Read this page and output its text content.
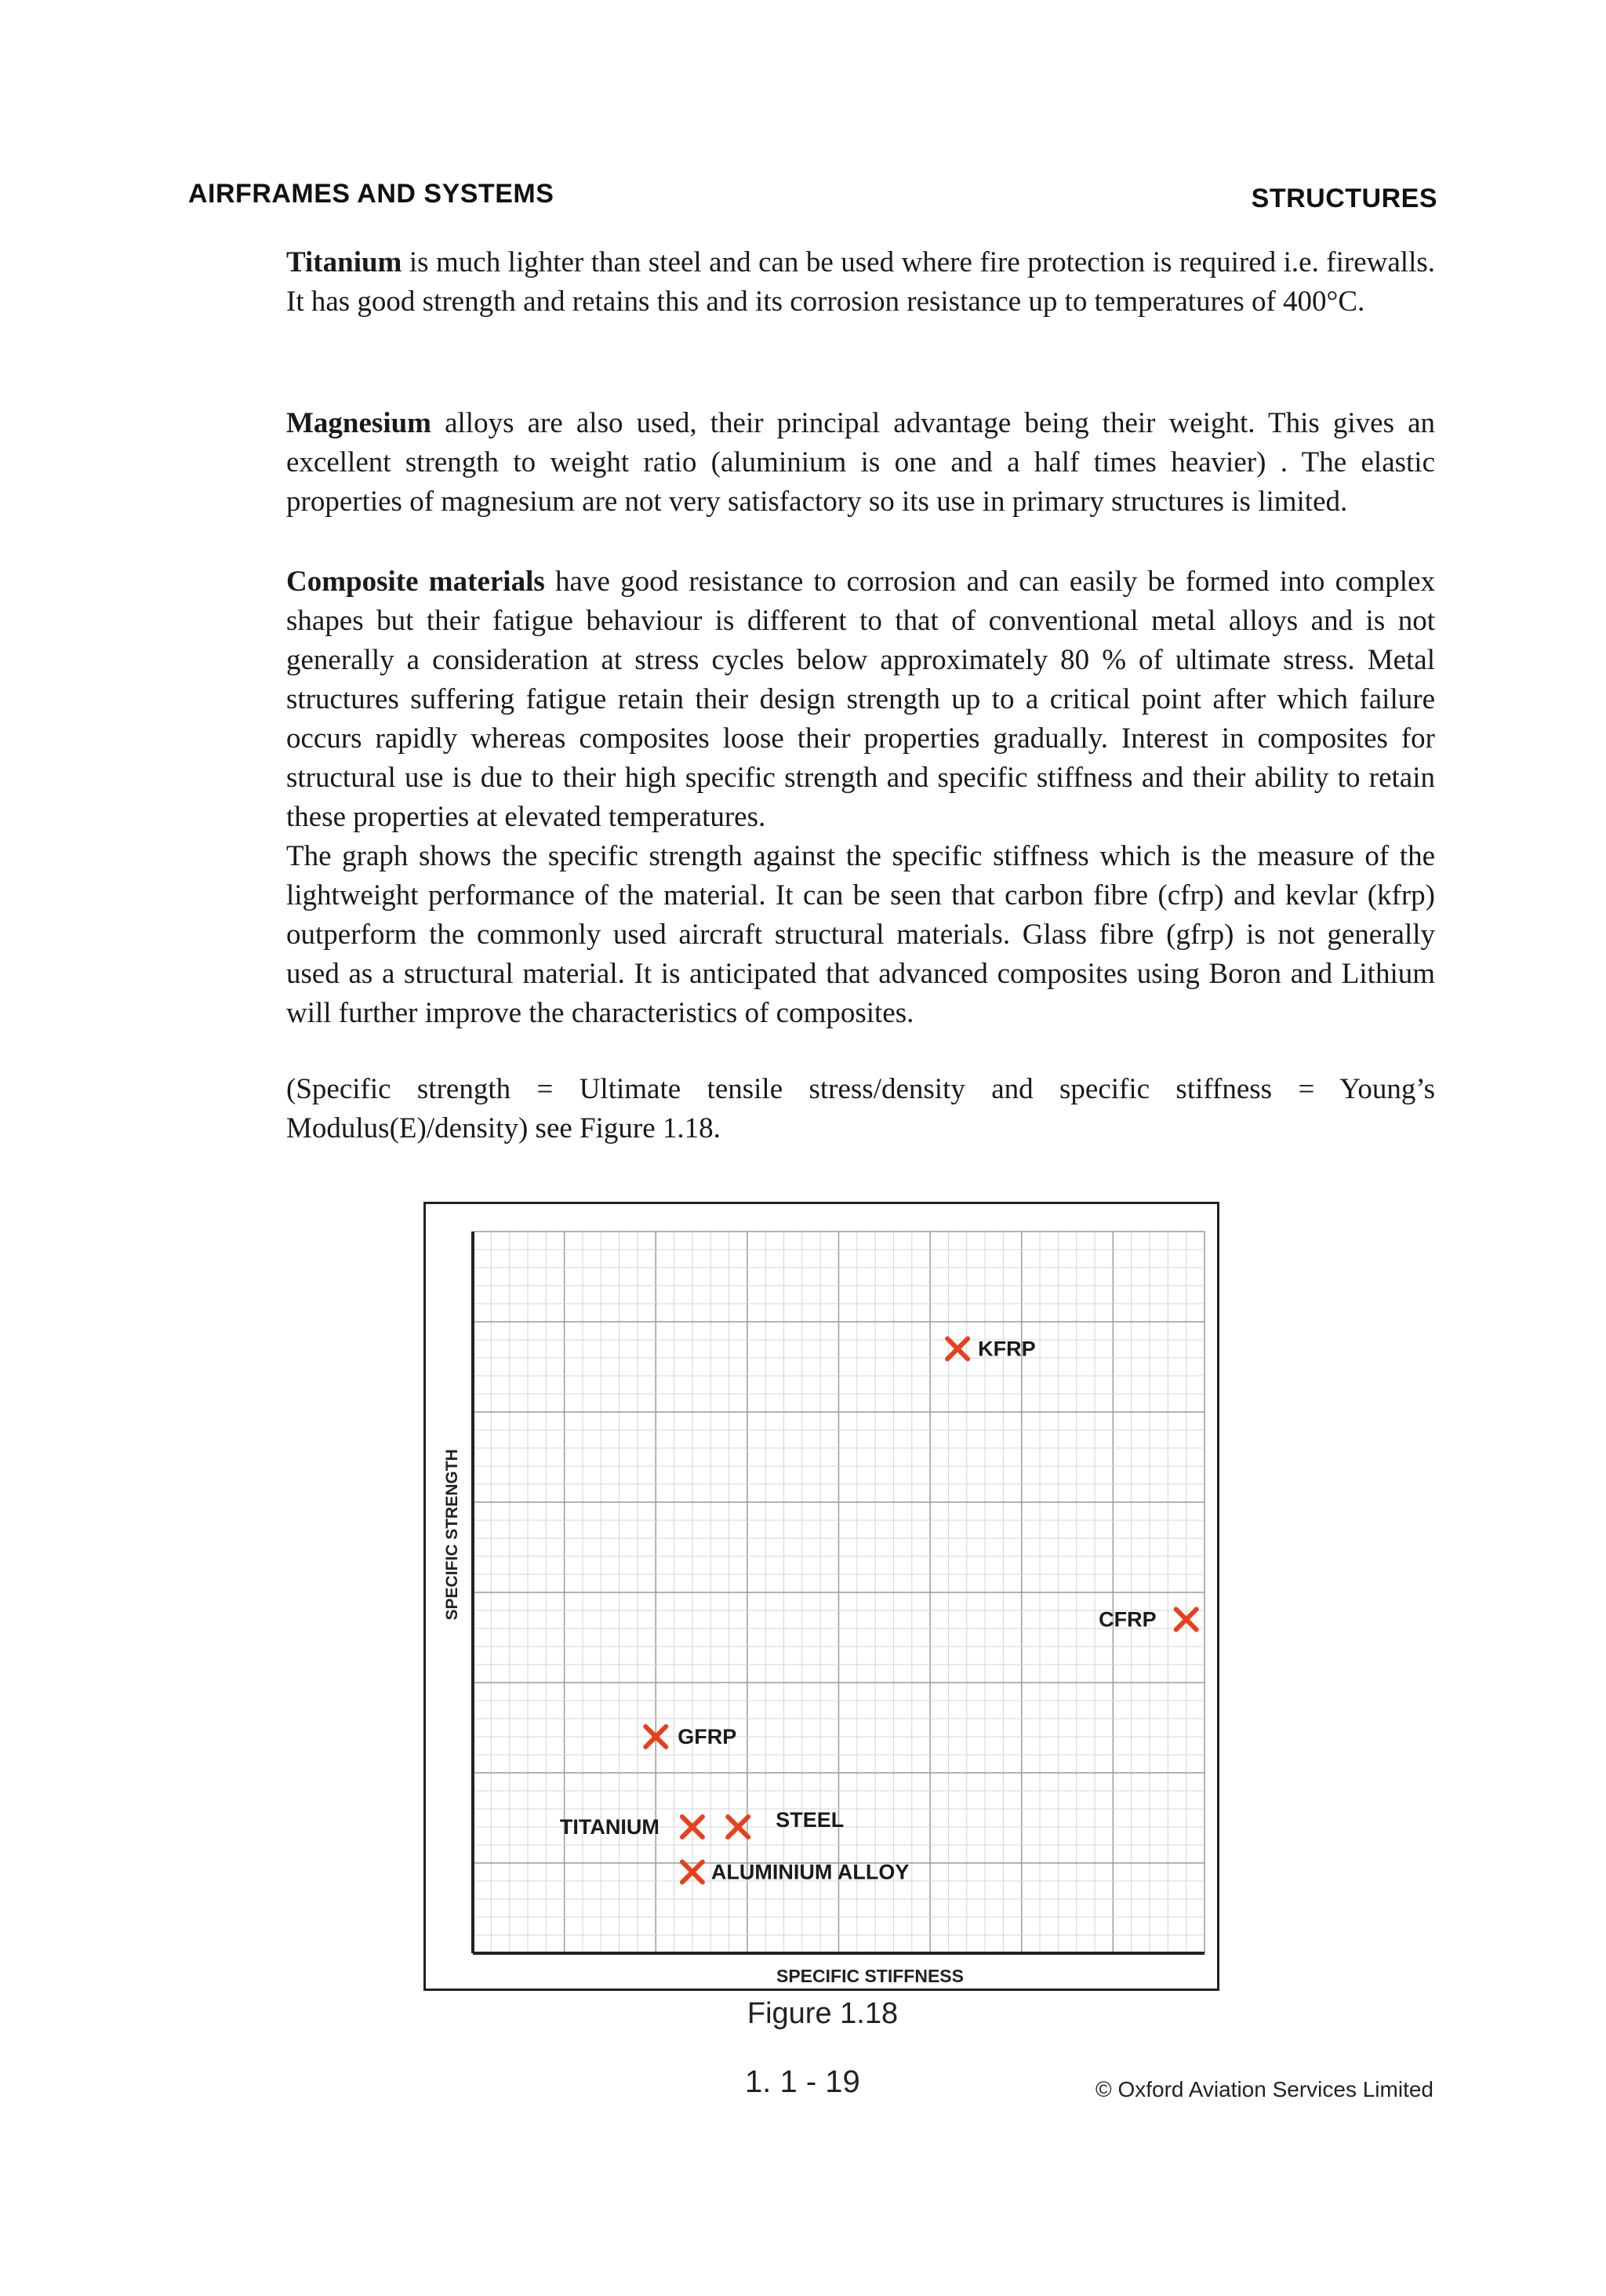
AIRFRAMES AND SYSTEMS	STRUCTURES

Titanium is much lighter than steel and can be used where fire protection is required i.e. firewalls. It has good strength and retains this and its corrosion resistance up to temperatures of 400°C.

Magnesium alloys are also used, their principal advantage being their weight. This gives an excellent strength to weight ratio (aluminium is one and a half times heavier) . The elastic properties of magnesium are not very satisfactory so its use in primary structures is limited.

Composite materials have good resistance to corrosion and can easily be formed into complex shapes but their fatigue behaviour is different to that of conventional metal alloys and is not generally a consideration at stress cycles below approximately 80 % of ultimate stress. Metal structures suffering fatigue retain their design strength up to a critical point after which failure occurs rapidly whereas composites loose their properties gradually. Interest in composites for structural use is due to their high specific strength and specific stiffness and their ability to retain these properties at elevated temperatures.
The graph shows the specific strength against the specific stiffness which is the measure of the lightweight performance of the material. It can be seen that carbon fibre (cfrp) and kevlar (kfrp) outperform the commonly used aircraft structural materials. Glass fibre (gfrp) is not generally used as a structural material. It is anticipated that advanced composites using Boron and Lithium will further improve the characteristics of composites.

(Specific strength = Ultimate tensile stress/density and specific stiffness = Young’s Modulus(E)/density) see Figure 1.18.

SPECIFIC STIFFNESS
SPECIFIC STRENGTH
KFRP
CFRP
GFRP
TITANIUM	STEEL
ALUMINIUM ALLOY
Figure 1.18
1. 1 - 19	© Oxford Aviation Services Limited
